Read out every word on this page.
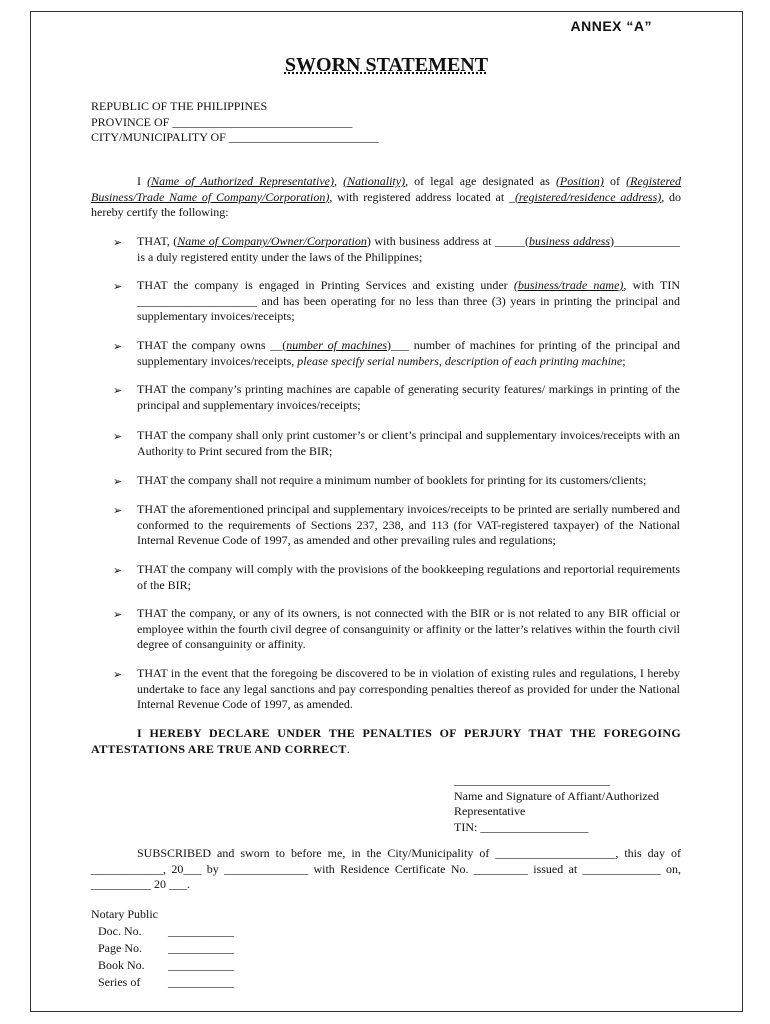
ANNEX “A”
SWORN STATEMENT
REPUBLIC OF THE PHILIPPINES
PROVINCE OF ______________________________
CITY/MUNICIPALITY OF _________________________
I (Name of Authorized Representative), (Nationality), of legal age designated as (Position) of (Registered Business/Trade Name of Company/Corporation), with registered address located at _(registered/residence address), do hereby certify the following:
➢ THAT, (Name of Company/Owner/Corporation) with business address at _____(business address)___________ is a duly registered entity under the laws of the Philippines;
➢ THAT the company is engaged in Printing Services and existing under (business/trade name), with TIN ____________________ and has been operating for no less than three (3) years in printing the principal and supplementary invoices/receipts;
➢ THAT the company owns __(number of machines)___ number of machines for printing of the principal and supplementary invoices/receipts, please specify serial numbers, description of each printing machine;
➢ THAT the company’s printing machines are capable of generating security features/ markings in printing of the principal and supplementary invoices/receipts;
➢ THAT the company shall only print customer’s or client’s principal and supplementary invoices/receipts with an Authority to Print secured from the BIR;
➢ THAT the company shall not require a minimum number of booklets for printing for its customers/clients;
➢ THAT the aforementioned principal and supplementary invoices/receipts to be printed are serially numbered and conformed to the requirements of Sections 237, 238, and 113 (for VAT-registered taxpayer) of the National Internal Revenue Code of 1997, as amended and other prevailing rules and regulations;
➢ THAT the company will comply with the provisions of the bookkeeping regulations and reportorial requirements of the BIR;
➢ THAT the company, or any of its owners, is not connected with the BIR or is not related to any BIR official or employee within the fourth civil degree of consanguinity or affinity or the latter’s relatives within the fourth civil degree of consanguinity or affinity.
➢ THAT in the event that the foregoing be discovered to be in violation of existing rules and regulations, I hereby undertake to face any legal sanctions and pay corresponding penalties thereof as provided for under the National Internal Revenue Code of 1997, as amended.
I HEREBY DECLARE UNDER THE PENALTIES OF PERJURY THAT THE FOREGOING ATTESTATIONS ARE TRUE AND CORRECT.
__________________________
Name and Signature of Affiant/Authorized Representative
TIN: __________________
SUBSCRIBED and sworn to before me, in the City/Municipality of ____________________, this day of ____________, 20___ by ______________ with Residence Certificate No. _________ issued at _____________ on, __________ 20 ___.
Notary Public
Doc. No.	___________
Page No.	___________
Book No.	___________
Series of	___________
